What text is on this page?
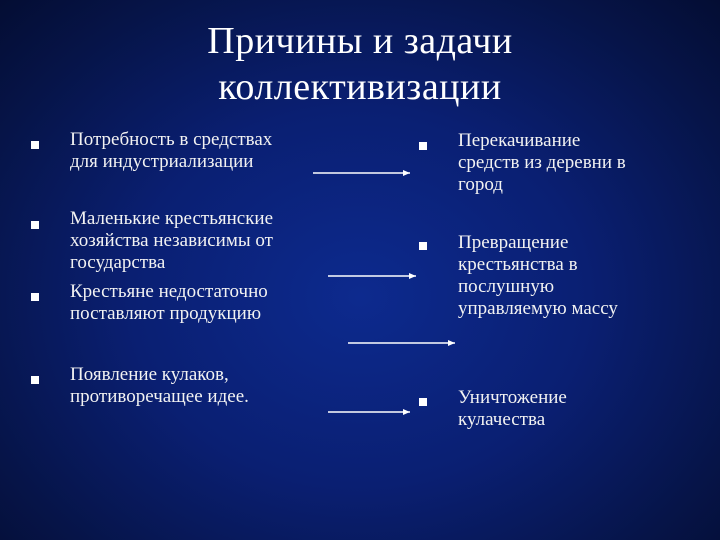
Причины и задачи
коллективизации
Потребность в средствах
для индустриализации
Маленькие крестьянские
хозяйства независимы от
государства
Крестьяне недостаточно
поставляют продукцию
Появление кулаков,
противоречащее идее.
Перекачивание
средств из деревни в
город
Превращение
крестьянства в
послушную
управляемую массу
Уничтожение
кулачества
